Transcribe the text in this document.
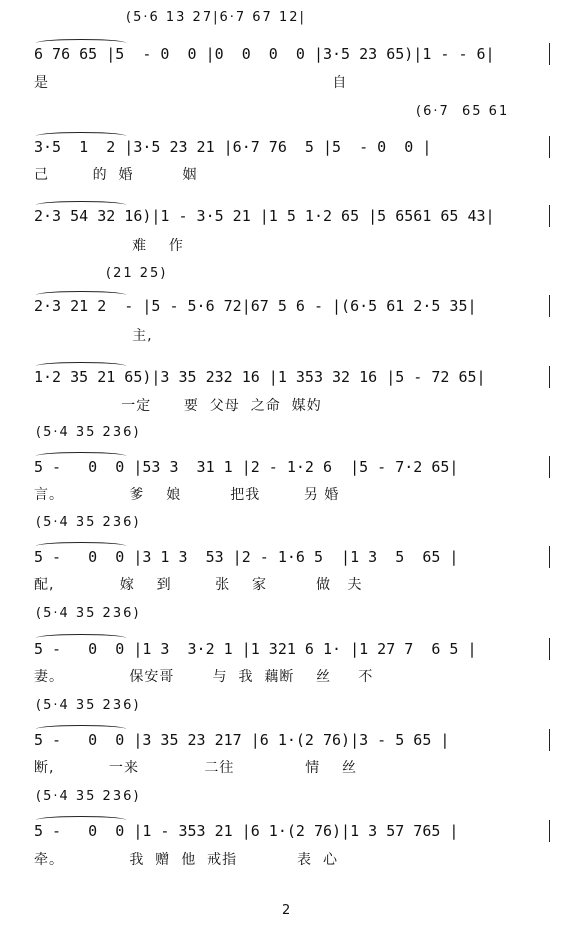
(5·6 13 27|6·7 67 12|
(6·7  65 61
(21 25)
(5·4 35 236)
(5·4 35 236)
(5·4 35 236)
(5·4 35 236)
(5·4 35 236)
6 76 65 |5  - 0  0 |0  0  0  0 |3·5 23 65)|1 - - 6|
是                                                    自
3·5  1  2 |3·5 23 21 |6·7 76  5 |5  - 0  0 |
己        的  婚         姻
2·3 54 32 16)|1 - 3·5 21 |1 5 1·2 65 |5 6561 65 43|
难    作
2·3 21 2  - |5 - 5·6 72|67 5 6 - |(6·5 61 2·5 35|
主,
1·2 35 21 65)|3 35 232 16 |1 353 32 16 |5 - 72 65|
一定      要  父母  之命  媒妁
5 -   0  0 |53 3  31 1 |2 - 1·2 6  |5 - 7·2 65|
言。            爹    娘         把我        另 婚
5 -   0  0 |3 1 3  53 |2 - 1·6 5  |1 3  5  65 |
配,            嫁    到        张    家         做   夫
5 -   0  0 |1 3  3·2 1 |1 321 6 1· |1 27 7  6 5 |
妻。            保安哥       与  我  藕断    丝     不
5 -   0  0 |3 35 23 217 |6 1·(2 76)|3 - 5 65 |
断,          一来            二往             情    丝
5 -   0  0 |1 - 353 21 |6 1·(2 76)|1 3 57 765 |
牵。            我  赠  他  戒指           表  心
2
